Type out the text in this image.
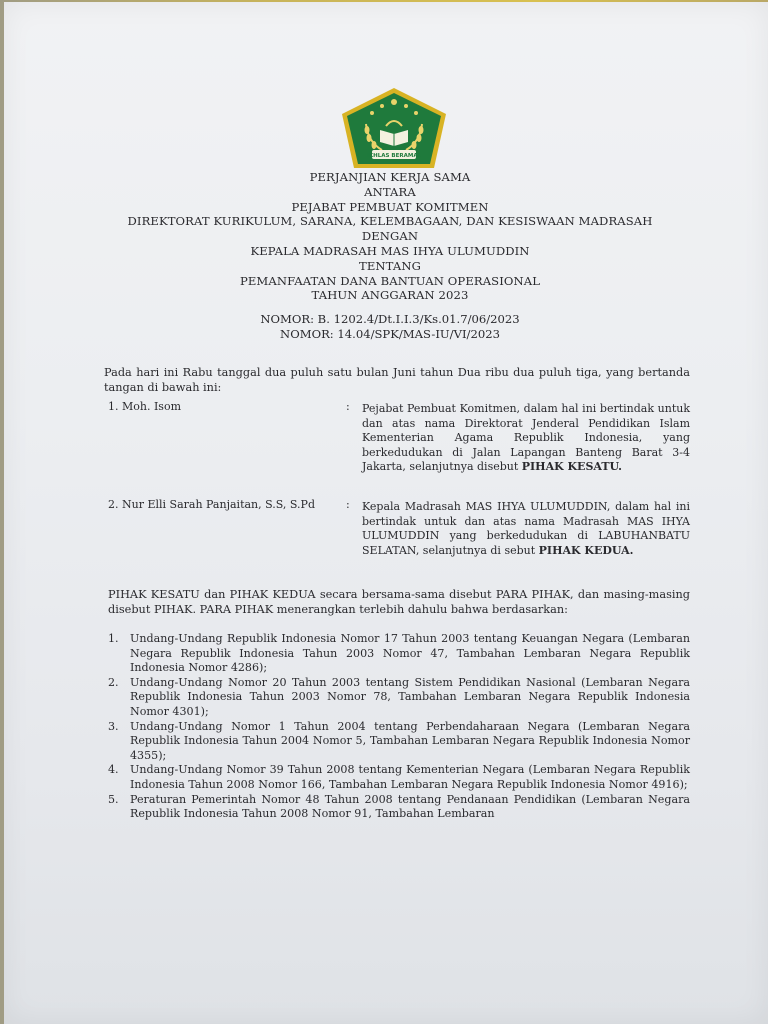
IKHLAS BERAMAL
PERJANJIAN KERJA SAMA
ANTARA
PEJABAT PEMBUAT KOMITMEN
DIREKTORAT KURIKULUM, SARANA, KELEMBAGAAN, DAN KESISWAAN MADRASAH
DENGAN
KEPALA MADRASAH MAS IHYA ULUMUDDIN
TENTANG
PEMANFAATAN DANA BANTUAN OPERASIONAL
TAHUN ANGGARAN 2023
NOMOR: B. 1202.4/Dt.I.I.3/Ks.01.7/06/2023
NOMOR: 14.04/SPK/MAS-IU/VI/2023
Pada hari ini Rabu tanggal dua puluh satu bulan Juni tahun Dua ribu dua puluh tiga, yang bertanda tangan di bawah ini:
1. Moh. Isom	: Pejabat Pembuat Komitmen, dalam hal ini bertindak untuk dan atas nama Direktorat Jenderal Pendidikan Islam Kementerian Agama Republik Indonesia, yang berkedudukan di Jalan Lapangan Banteng Barat 3-4 Jakarta, selanjutnya disebut PIHAK KESATU.
2. Nur Elli Sarah Panjaitan, S.S, S.Pd	: Kepala Madrasah MAS IHYA ULUMUDDIN, dalam hal ini bertindak untuk dan atas nama Madrasah MAS IHYA ULUMUDDIN yang berkedudukan di LABUHANBATU SELATAN, selanjutnya di sebut PIHAK KEDUA.
PIHAK KESATU dan PIHAK KEDUA secara bersama-sama disebut PARA PIHAK, dan masing-masing disebut PIHAK. PARA PIHAK menerangkan terlebih dahulu bahwa berdasarkan:
1. Undang-Undang Republik Indonesia Nomor 17 Tahun 2003 tentang Keuangan Negara (Lembaran Negara Republik Indonesia Tahun 2003 Nomor 47, Tambahan Lembaran Negara Republik Indonesia Nomor 4286);
2. Undang-Undang Nomor 20 Tahun 2003 tentang Sistem Pendidikan Nasional (Lembaran Negara Republik Indonesia Tahun 2003 Nomor 78, Tambahan Lembaran Negara Republik Indonesia Nomor 4301);
3. Undang-Undang Nomor 1 Tahun 2004 tentang Perbendaharaan Negara (Lembaran Negara Republik Indonesia Tahun 2004 Nomor 5, Tambahan Lembaran Negara Republik Indonesia Nomor 4355);
4. Undang-Undang Nomor 39 Tahun 2008 tentang Kementerian Negara (Lembaran Negara Republik Indonesia Tahun 2008 Nomor 166, Tambahan Lembaran Negara Republik Indonesia Nomor 4916);
5. Peraturan Pemerintah Nomor 48 Tahun 2008 tentang Pendanaan Pendidikan (Lembaran Negara Republik Indonesia Tahun 2008 Nomor 91, Tambahan Lembaran
